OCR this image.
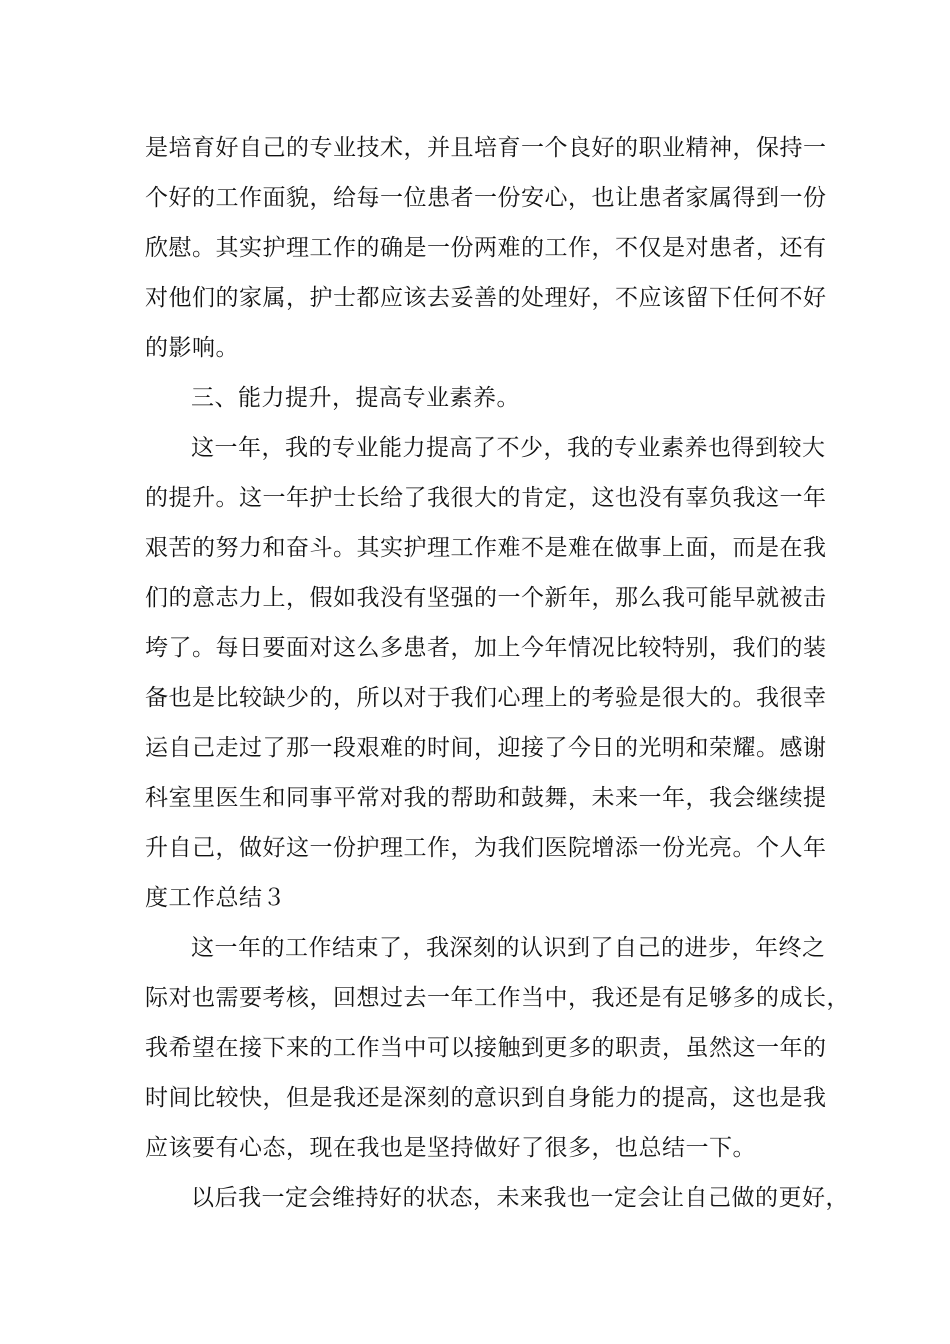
是培育好自己的专业技术，并且培育一个良好的职业精神，保持一
个好的工作面貌，给每一位患者一份安心，也让患者家属得到一份
欣慰。其实护理工作的确是一份两难的工作，不仅是对患者，还有
对他们的家属，护士都应该去妥善的处理好，不应该留下任何不好
的影响。
三、能力提升，提高专业素养。
这一年，我的专业能力提高了不少，我的专业素养也得到较大
的提升。这一年护士长给了我很大的肯定，这也没有辜负我这一年
艰苦的努力和奋斗。其实护理工作难不是难在做事上面，而是在我
们的意志力上，假如我没有坚强的一个新年，那么我可能早就被击
垮了。每日要面对这么多患者，加上今年情况比较特别，我们的装
备也是比较缺少的，所以对于我们心理上的考验是很大的。我很幸
运自己走过了那一段艰难的时间，迎接了今日的光明和荣耀。感谢
科室里医生和同事平常对我的帮助和鼓舞，未来一年，我会继续提
升自己，做好这一份护理工作，为我们医院增添一份光亮。个人年
度工作总结３
这一年的工作结束了，我深刻的认识到了自己的进步，年终之
际对也需要考核，回想过去一年工作当中，我还是有足够多的成长，
我希望在接下来的工作当中可以接触到更多的职责，虽然这一年的
时间比较快，但是我还是深刻的意识到自身能力的提高，这也是我
应该要有心态，现在我也是坚持做好了很多，也总结一下。
以后我一定会维持好的状态，未来我也一定会让自己做的更好，
